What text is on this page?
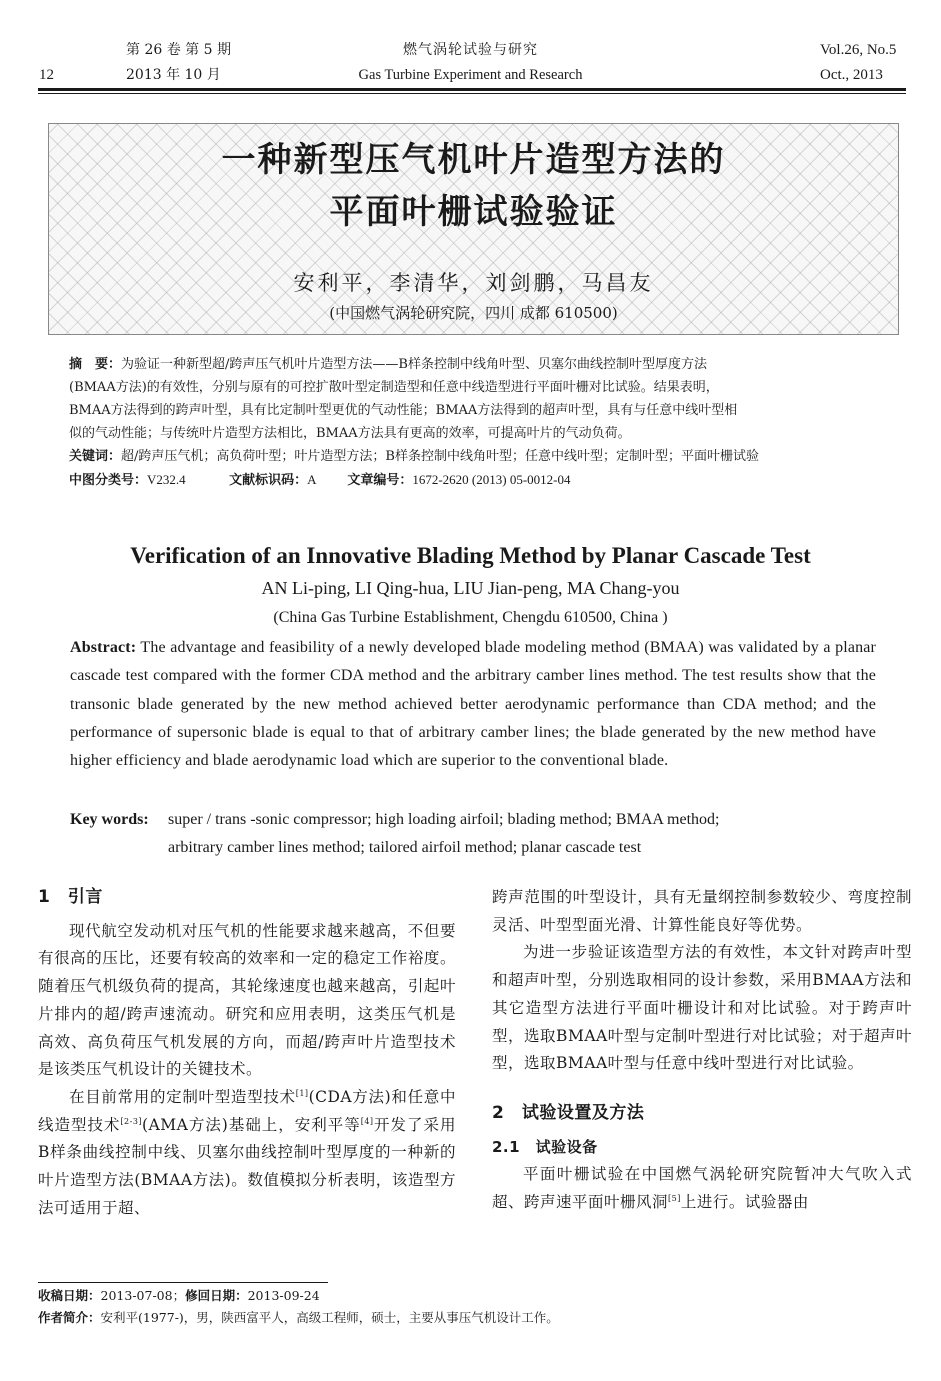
第 26 卷 第 5 期	燃气涡轮试验与研究	Vol.26, No.5
12	2013 年 10 月	Gas Turbine Experiment and Research	Oct., 2013
一种新型压气机叶片造型方法的
平面叶栅试验验证
安利平，李清华，刘剑鹏，马昌友
(中国燃气涡轮研究院，四川 成都 610500)
摘　要：为验证一种新型超/跨声压气机叶片造型方法——B样条控制中线角叶型、贝塞尔曲线控制叶型厚度方法
(BMAA方法)的有效性，分别与原有的可控扩散叶型定制造型和任意中线造型进行平面叶栅对比试验。结果表明，
BMAA方法得到的跨声叶型，具有比定制叶型更优的气动性能；BMAA方法得到的超声叶型，具有与任意中线叶型相
似的气动性能；与传统叶片造型方法相比，BMAA方法具有更高的效率，可提高叶片的气动负荷。
关键词：超/跨声压气机；高负荷叶型；叶片造型方法；B样条控制中线角叶型；任意中线叶型；定制叶型；平面叶栅试验
中图分类号：V232.4	文献标识码：A 文章编号：1672-2620 (2013) 05-0012-04
Verification of an Innovative Blading Method by Planar Cascade Test
AN Li-ping, LI Qing-hua, LIU Jian-peng, MA Chang-you
(China Gas Turbine Establishment, Chengdu 610500, China )
Abstract: The advantage and feasibility of a newly developed blade modeling method (BMAA) was validated by a planar cascade test compared with the former CDA method and the arbitrary camber lines method. The test results show that the transonic blade generated by the new method achieved better aerodynamic performance than CDA method; and the performance of supersonic blade is equal to that of arbitrary camber lines; the blade generated by the new method have higher efficiency and blade aerodynamic load which are superior to the conventional blade.
Key words: super / trans -sonic compressor; high loading airfoil; blading method; BMAA method;
arbitrary camber lines method; tailored airfoil method; planar cascade test
1　引言

现代航空发动机对压气机的性能要求越来越高，不但要有很高的压比，还要有较高的效率和一定的稳定工作裕度。随着压气机级负荷的提高，其轮缘速度也越来越高，引起叶片排内的超/跨声速流动。研究和应用表明，这类压气机是高效、高负荷压气机发展的方向，而超/跨声叶片造型技术是该类压气机设计的关键技术。

在目前常用的定制叶型造型技术[1](CDA方法)和任意中线造型技术[2-3](AMA方法)基础上，安利平等[4]开发了采用B样条曲线控制中线、贝塞尔曲线控制叶型厚度的一种新的叶片造型方法(BMAA方法)。数值模拟分析表明，该造型方法可适用于超、

跨声范围的叶型设计，具有无量纲控制参数较少、弯度控制灵活、叶型型面光滑、计算性能良好等优势。

为进一步验证该造型方法的有效性，本文针对跨声叶型和超声叶型，分别选取相同的设计参数，采用BMAA方法和其它造型方法进行平面叶栅设计和对比试验。对于跨声叶型，选取BMAA叶型与定制叶型进行对比试验；对于超声叶型，选取BMAA叶型与任意中线叶型进行对比试验。

2　试验设置及方法
2.1　试验设备

平面叶栅试验在中国燃气涡轮研究院暂冲大气吹入式超、跨声速平面叶栅风洞[5]上进行。试验器由

收稿日期：2013-07-08；修回日期：2013-09-24
作者简介：安利平(1977-)，男，陕西富平人，高级工程师，硕士，主要从事压气机设计工作。
